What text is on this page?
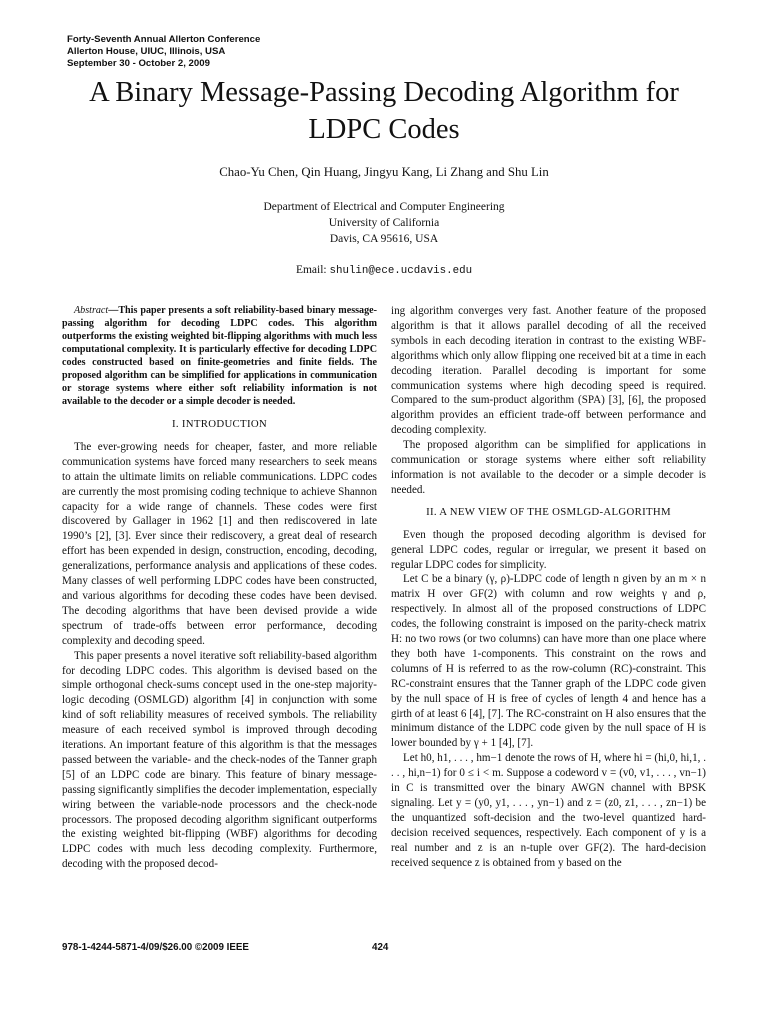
Forty-Seventh Annual Allerton Conference
Allerton House, UIUC, Illinois, USA
September 30 - October 2, 2009
A Binary Message-Passing Decoding Algorithm for
LDPC Codes
Chao-Yu Chen, Qin Huang, Jingyu Kang, Li Zhang and Shu Lin
Department of Electrical and Computer Engineering
University of California
Davis, CA 95616, USA
Email: shulin@ece.ucdavis.edu

Abstract—This paper presents a soft reliability-based binary message-passing algorithm for decoding LDPC codes. This algorithm outperforms the existing weighted bit-flipping algorithms with much less computational complexity. It is particularly effective for decoding LDPC codes constructed based on finite-geometries and finite fields. The proposed algorithm can be simplified for applications in communication or storage systems where either soft reliability information is not available to the decoder or a simple decoder is needed.

I. INTRODUCTION

The ever-growing needs for cheaper, faster, and more reliable communication systems have forced many researchers to seek means to attain the ultimate limits on reliable communications. LDPC codes are currently the most promising coding technique to achieve Shannon capacity for a wide range of channels. These codes were first discovered by Gallager in 1962 [1] and then rediscovered in late 1990’s [2], [3]. Ever since their rediscovery, a great deal of research effort has been expended in design, construction, encoding, decoding, generalizations, performance analysis and applications of these codes. Many classes of well performing LDPC codes have been constructed, and various algorithms for decoding these codes have been devised. The decoding algorithms that have been devised provide a wide spectrum of trade-offs between error performance, decoding complexity and decoding speed.

This paper presents a novel iterative soft reliability-based algorithm for decoding LDPC codes. This algorithm is devised based on the simple orthogonal check-sums concept used in the one-step majority-logic decoding (OSMLGD) algorithm [4] in conjunction with some kind of soft reliability measures of received symbols. The reliability measure of each received symbol is improved through decoding iterations. An important feature of this algorithm is that the messages passed between the variable- and the check-nodes of the Tanner graph [5] of an LDPC code are binary. This feature of binary message-passing significantly simplifies the decoder implementation, especially wiring between the variable-node processors and the check-node processors. The proposed decoding algorithm significant outperforms the existing weighted bit-flipping (WBF) algorithms for decoding LDPC codes with much less decoding complexity. Furthermore, decoding with the proposed decod-

ing algorithm converges very fast. Another feature of the proposed algorithm is that it allows parallel decoding of all the received symbols in each decoding iteration in contrast to the existing WBF-algorithms which only allow flipping one received bit at a time in each decoding iteration. Parallel decoding is important for some communication systems where high decoding speed is required. Compared to the sum-product algorithm (SPA) [3], [6], the proposed algorithm provides an efficient trade-off between performance and decoding complexity.

The proposed algorithm can be simplified for applications in communication or storage systems where either soft reliability information is not available to the decoder or a simple decoder is needed.

II. A NEW VIEW OF THE OSMLGD-ALGORITHM

Even though the proposed decoding algorithm is devised for general LDPC codes, regular or irregular, we present it based on regular LDPC codes for simplicity.

Let C be a binary (γ, ρ)-LDPC code of length n given by an m × n matrix H over GF(2) with column and row weights γ and ρ, respectively. In almost all of the proposed constructions of LDPC codes, the following constraint is imposed on the parity-check matrix H: no two rows (or two columns) can have more than one place where they both have 1-components. This constraint on the rows and columns of H is referred to as the row-column (RC)-constraint. This RC-constraint ensures that the Tanner graph of the LDPC code given by the null space of H is free of cycles of length 4 and hence has a girth of at least 6 [4], [7]. The RC-constraint on H also ensures that the minimum distance of the LDPC code given by the null space of H is lower bounded by γ + 1 [4], [7].

Let h0, h1, . . . , hm−1 denote the rows of H, where hi = (hi,0, hi,1, . . . , hi,n−1) for 0 ≤ i < m. Suppose a codeword v = (v0, v1, . . . , vn−1) in C is transmitted over the binary AWGN channel with BPSK signaling. Let y = (y0, y1, . . . , yn−1) and z = (z0, z1, . . . , zn−1) be the unquantized soft-decision and the two-level quantized hard-decision received sequences, respectively. Each component of y is a real number and z is an n-tuple over GF(2). The hard-decision received sequence z is obtained from y based on the

978-1-4244-5871-4/09/$26.00 ©2009 IEEE	424
